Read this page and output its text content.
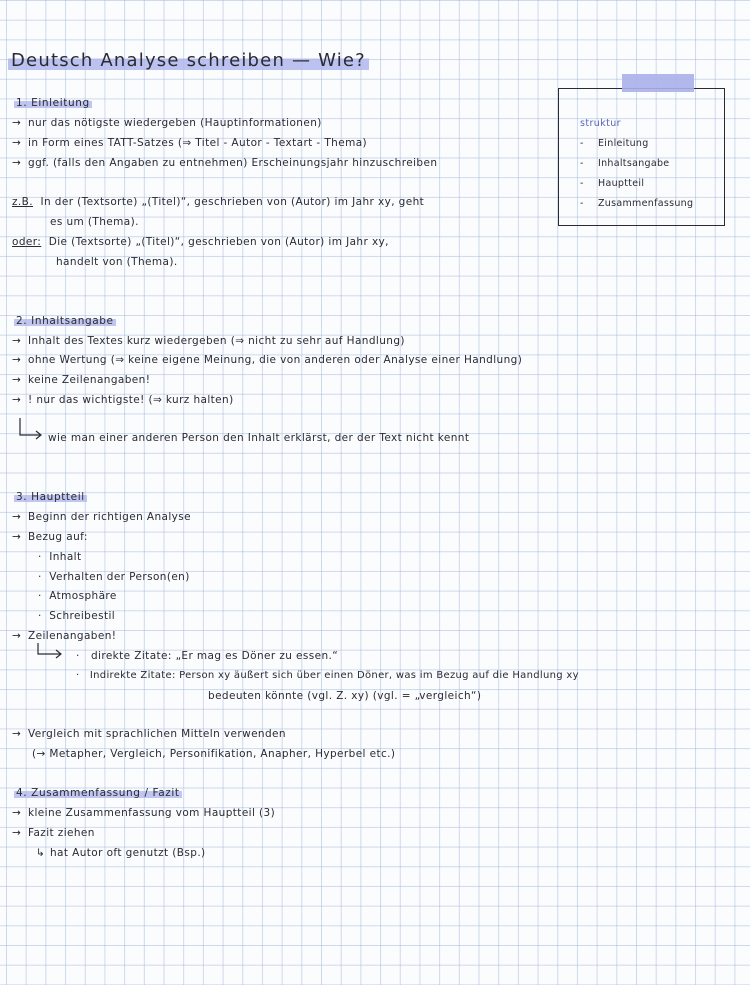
Deutsch Analyse schreiben — Wie?
struktur
- Einleitung
- Inhaltsangabe
- Hauptteil
- Zusammenfassung
1. Einleitung
→ nur das nötigste wiedergeben (Hauptinformationen)
→ in Form eines TATT-Satzes (⇒ Titel - Autor - Textart - Thema)
→ ggf. (falls den Angaben zu entnehmen) Erscheinungsjahr hinzuschreiben
z.B. In der (Textsorte) „(Titel)“, geschrieben von (Autor) im Jahr xy, geht
es um (Thema).
oder: Die (Textsorte) „(Titel)“, geschrieben von (Autor) im Jahr xy,
handelt von (Thema).
2. Inhaltsangabe
→ Inhalt des Textes kurz wiedergeben (⇒ nicht zu sehr auf Handlung)
→ ohne Wertung (⇒ keine eigene Meinung, die von anderen oder Analyse einer Handlung)
→ keine Zeilenangaben!
→ ! nur das wichtigste! (⇒ kurz halten)
wie man einer anderen Person den Inhalt erklärst, der der Text nicht kennt
3. Hauptteil
→ Beginn der richtigen Analyse
→ Bezug auf:
·  Inhalt
·  Verhalten der Person(en)
·  Atmosphäre
·  Schreibestil
→ Zeilenangaben!
·   direkte Zitate: „Er mag es Döner zu essen.“
·   Indirekte Zitate: Person xy äußert sich über einen Döner, was im Bezug auf die Handlung xy
bedeuten könnte (vgl. Z. xy) (vgl. = „vergleich“)
→ Vergleich mit sprachlichen Mitteln verwenden
(→ Metapher, Vergleich, Personifikation, Anapher, Hyperbel etc.)
4. Zusammenfassung / Fazit
→ kleine Zusammenfassung vom Hauptteil (3)
→ Fazit ziehen
↳ hat Autor oft genutzt (Bsp.)
